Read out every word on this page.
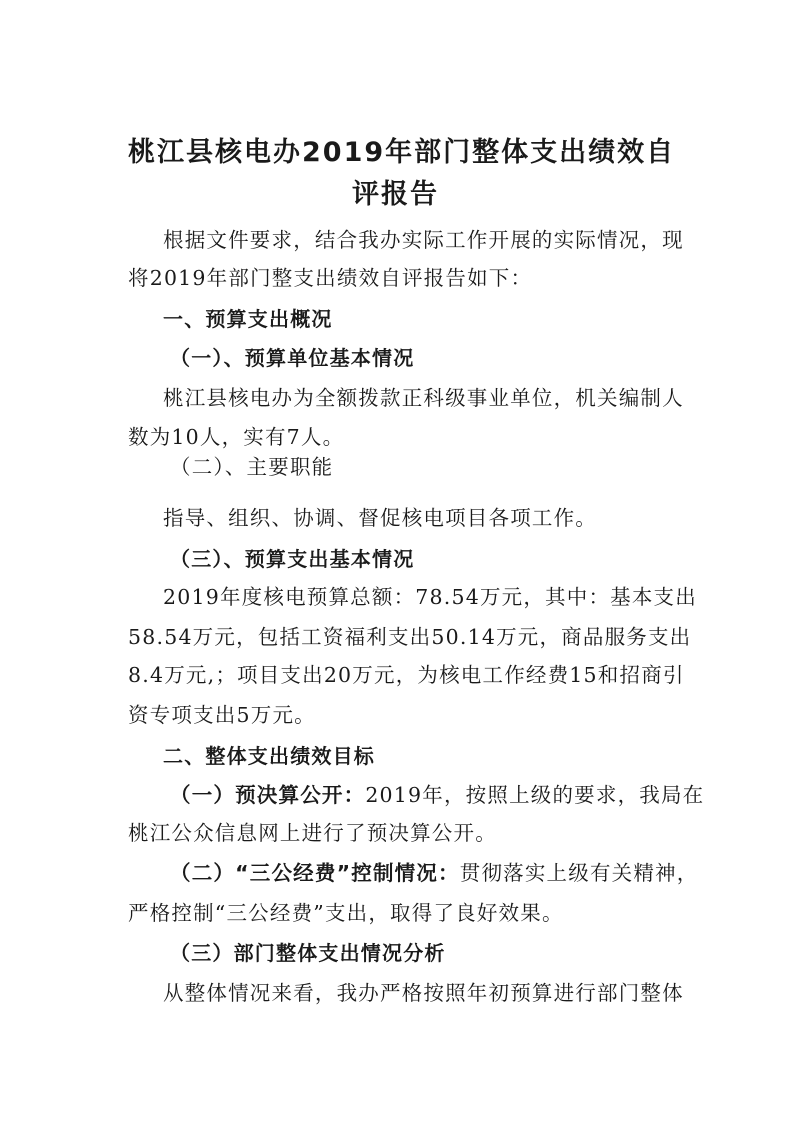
桃江县核电办2019年部门整体支出绩效自
评报告
根据文件要求，结合我办实际工作开展的实际情况，现
将2019年部门整支出绩效自评报告如下：
一、预算支出概况
（一）、预算单位基本情况
桃江县核电办为全额拨款正科级事业单位，机关编制人
数为10人，实有7人。
（二）、主要职能
指导、组织、协调、督促核电项目各项工作。
（三）、预算支出基本情况
2019年度核电预算总额：78.54万元，其中：基本支出
58.54万元，包括工资福利支出50.14万元，商品服务支出
8.4万元,；项目支出20万元，为核电工作经费15和招商引
资专项支出5万元。
二、整体支出绩效目标
（一）预决算公开：2019年，按照上级的要求，我局在
桃江公众信息网上进行了预决算公开。
（二）“三公经费”控制情况：贯彻落实上级有关精神，
严格控制“三公经费”支出，取得了良好效果。
（三）部门整体支出情况分析
从整体情况来看，我办严格按照年初预算进行部门整体
